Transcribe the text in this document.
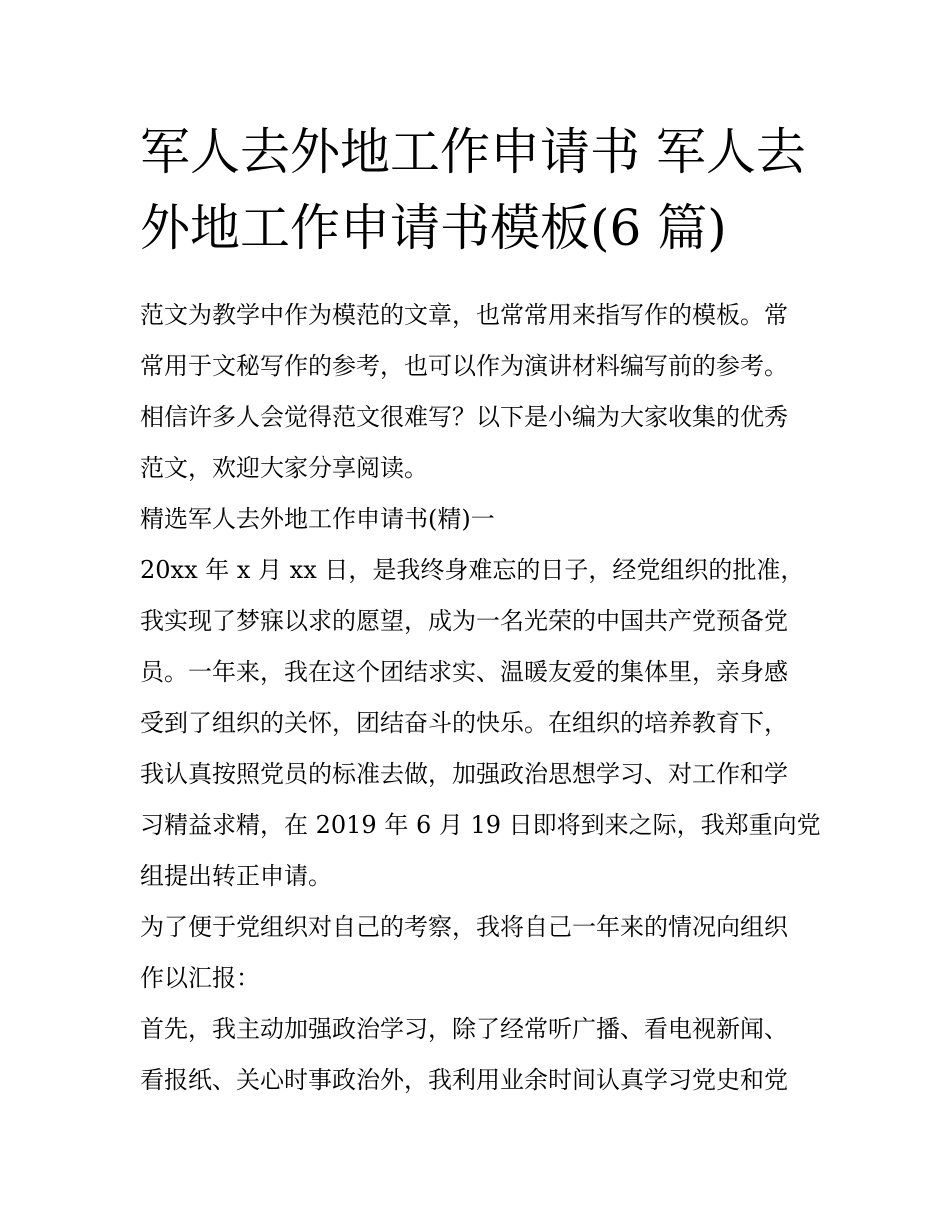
军人去外地工作申请书 军人去
外地工作申请书模板(6 篇)

范文为教学中作为模范的文章，也常常用来指写作的模板。常
常用于文秘写作的参考，也可以作为演讲材料编写前的参考。
相信许多人会觉得范文很难写？以下是小编为大家收集的优秀
范文，欢迎大家分享阅读。

精选军人去外地工作申请书(精)一

20xx 年 x 月 xx 日，是我终身难忘的日子，经党组织的批准，
我实现了梦寐以求的愿望，成为一名光荣的中国共产党预备党
员。一年来，我在这个团结求实、温暖友爱的集体里，亲身感
受到了组织的关怀，团结奋斗的快乐。在组织的培养教育下，
我认真按照党员的标准去做，加强政治思想学习、对工作和学
习精益求精，在 2019 年 6 月 19 日即将到来之际，我郑重向党
组提出转正申请。

为了便于党组织对自己的考察，我将自己一年来的情况向组织
作以汇报：

首先，我主动加强政治学习，除了经常听广播、看电视新闻、
看报纸、关心时事政治外，我利用业余时间认真学习党史和党
